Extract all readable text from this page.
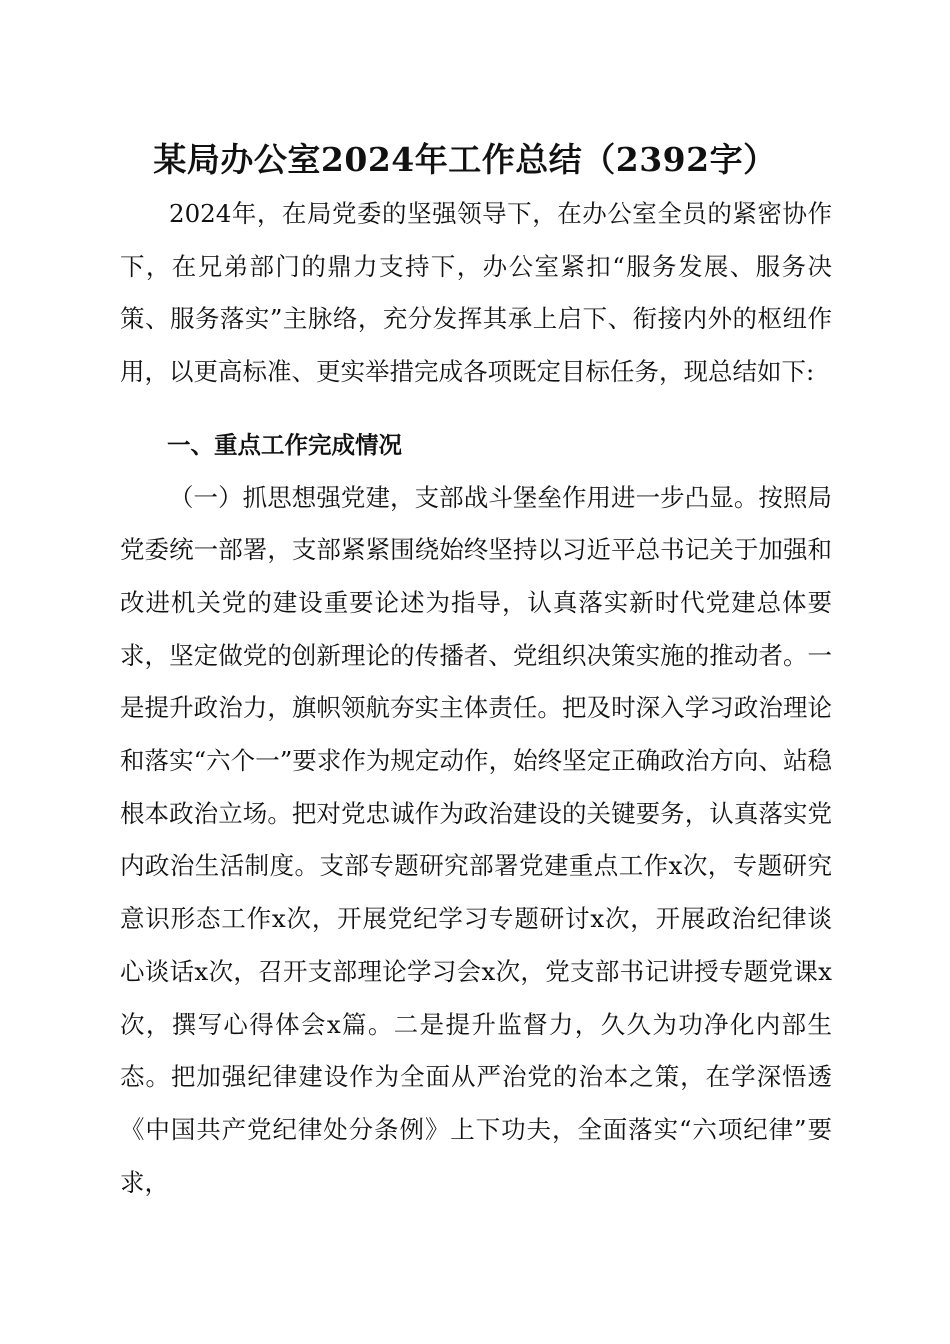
某局办公室2024年工作总结（2392字）

2024年，在局党委的坚强领导下，在办公室全员的紧密协作下，在兄弟部门的鼎力支持下，办公室紧扣“服务发展、服务决策、服务落实”主脉络，充分发挥其承上启下、衔接内外的枢纽作用，以更高标准、更实举措完成各项既定目标任务，现总结如下:

一、重点工作完成情况

（一）抓思想强党建，支部战斗堡垒作用进一步凸显。按照局党委统一部署，支部紧紧围绕始终坚持以习近平总书记关于加强和改进机关党的建设重要论述为指导，认真落实新时代党建总体要求，坚定做党的创新理论的传播者、党组织决策实施的推动者。一是提升政治力，旗帜领航夯实主体责任。把及时深入学习政治理论和落实“六个一”要求作为规定动作，始终坚定正确政治方向、站稳根本政治立场。把对党忠诚作为政治建设的关键要务，认真落实党内政治生活制度。支部专题研究部署党建重点工作x次，专题研究意识形态工作x次，开展党纪学习专题研讨x次，开展政治纪律谈心谈话x次，召开支部理论学习会x次，党支部书记讲授专题党课x次，撰写心得体会x篇。二是提升监督力，久久为功净化内部生态。把加强纪律建设作为全面从严治党的治本之策，在学深悟透《中国共产党纪律处分条例》上下功夫，全面落实“六项纪律”要求，
